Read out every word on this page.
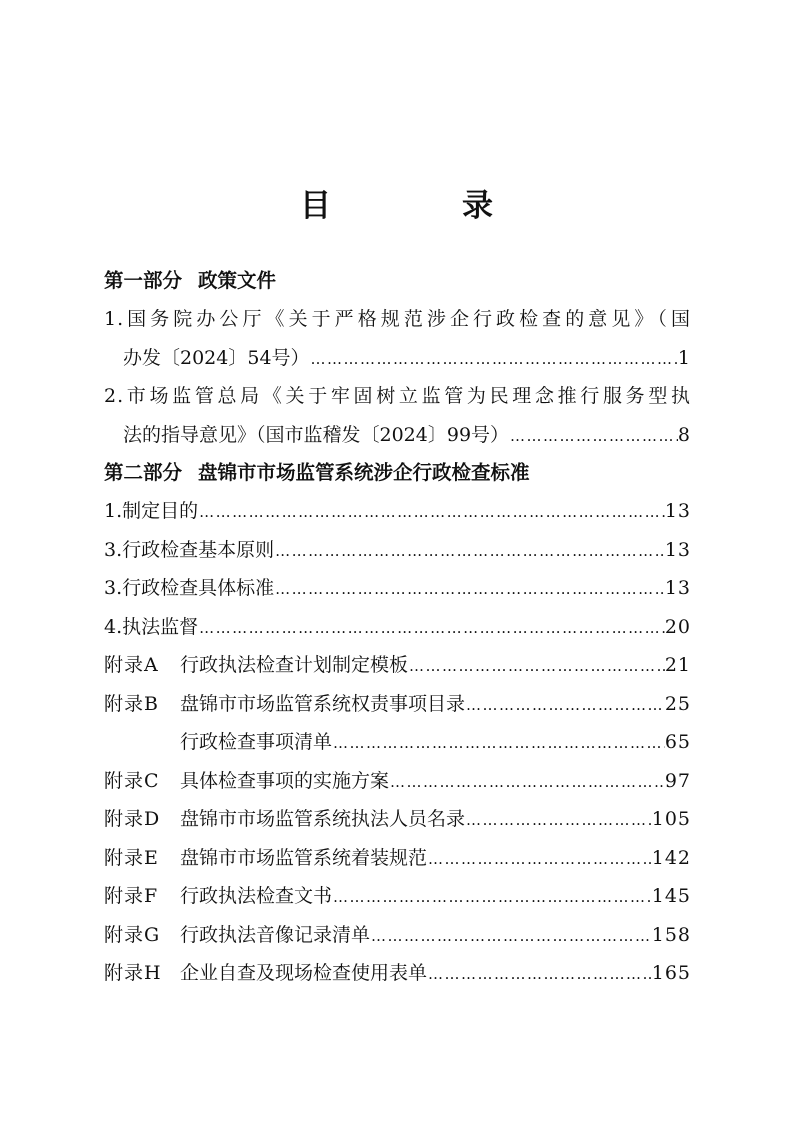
目　录
第一部分 政策文件
1.国务院办公厅《关于严格规范涉企行政检查的意见》（国
办发〔2024〕54号） ……………………………………………………………………………………………………………………………………………………………………	1
2.市场监管总局《关于牢固树立监管为民理念推行服务型执
法的指导意见》（国市监稽发〔2024〕99号） ……………………………………………………………………………………………………………………………………………………………………	8
第二部分 盘锦市市场监管系统涉企行政检查标准
1.制定目的 ……………………………………………………………………………………………………………………………………………………………………	13
3.行政检查基本原则 ……………………………………………………………………………………………………………………………………………………………………	13
3.行政检查具体标准 ……………………………………………………………………………………………………………………………………………………………………	13
4.执法监督 ……………………………………………………………………………………………………………………………………………………………………	20
附录A	行政执法检查计划制定模板 ……………………………………………………………………………………………………………………………………………………………………	21
附录B	盘锦市市场监管系统权责事项目录 ……………………………………………………………………………………………………………………………………………………………………	25
行政检查事项清单 ……………………………………………………………………………………………………………………………………………………………………	65
附录C	具体检查事项的实施方案 ……………………………………………………………………………………………………………………………………………………………………	97
附录D	盘锦市市场监管系统执法人员名录 ……………………………………………………………………………………………………………………………………………………………………	105
附录E	盘锦市市场监管系统着装规范 ……………………………………………………………………………………………………………………………………………………………………	142
附录F	行政执法检查文书 ……………………………………………………………………………………………………………………………………………………………………	145
附录G	行政执法音像记录清单 ……………………………………………………………………………………………………………………………………………………………………	158
附录H 企业自查及现场检查使用表单 ……………………………………………………………………………………………………………………………………………………………………	165
